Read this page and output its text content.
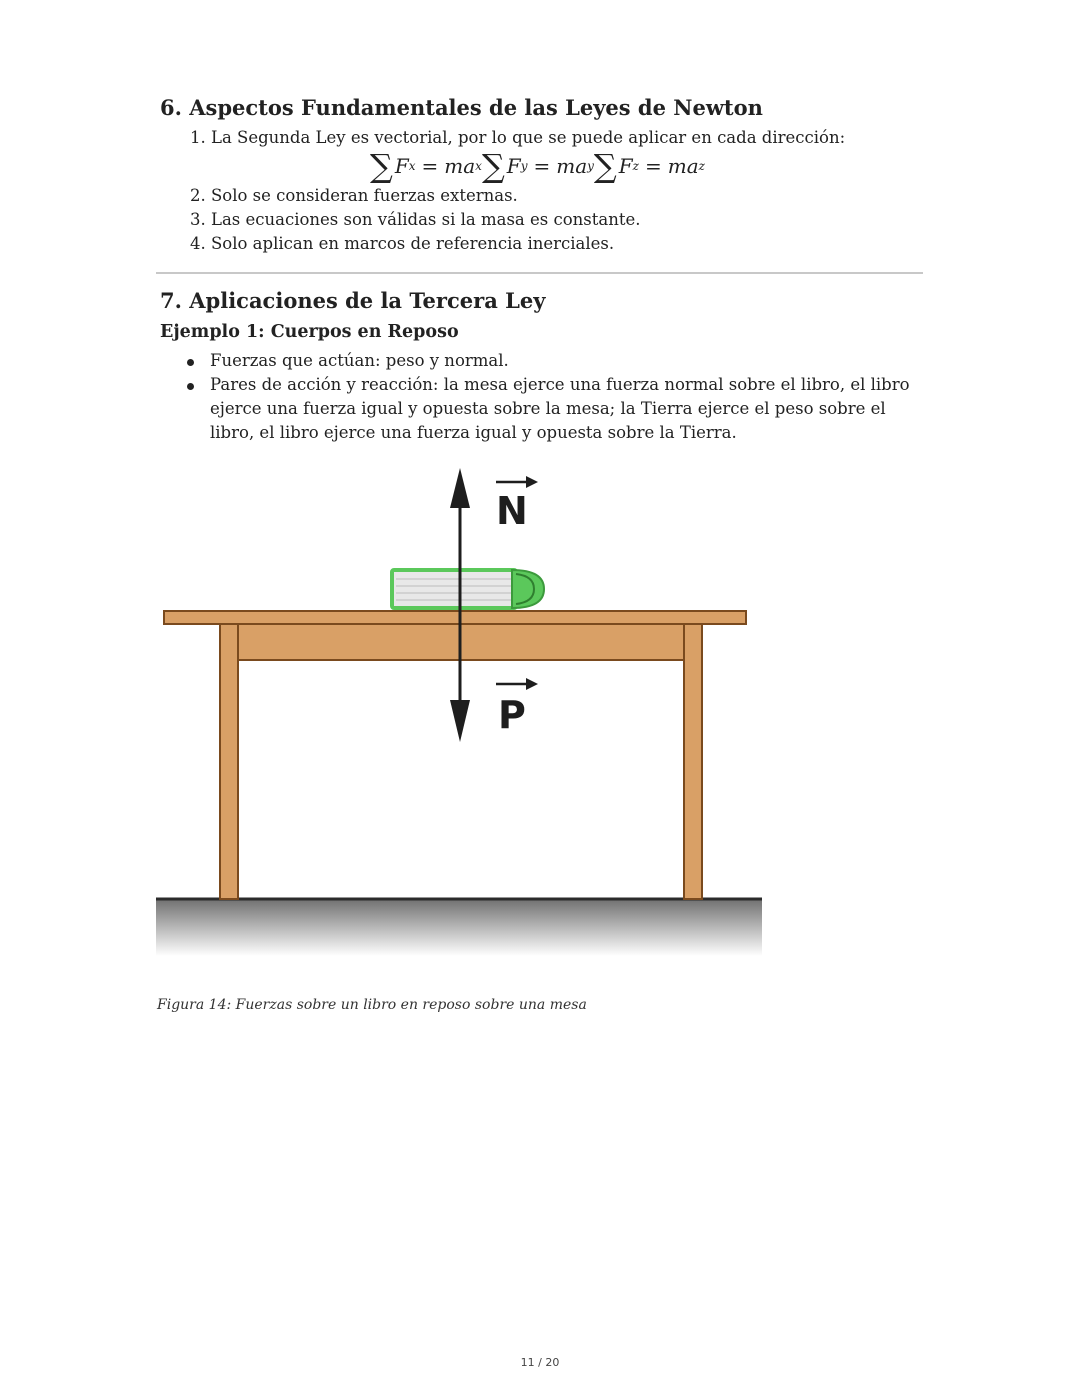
6. Aspectos Fundamentales de las Leyes de Newton
1. La Segunda Ley es vectorial, por lo que se puede aplicar en cada dirección:
∑ F x = ma x ∑ F y = ma y ∑ F z = ma z
2. Solo se consideran fuerzas externas.
3. Las ecuaciones son válidas si la masa es constante.
4. Solo aplican en marcos de referencia inerciales.
7. Aplicaciones de la Tercera Ley
Ejemplo 1: Cuerpos en Reposo
Fuerzas que actúan: peso y normal.
Pares de acción y reacción: la mesa ejerce una fuerza normal sobre el libro, el libro ejerce una fuerza igual y opuesta sobre la mesa; la Tierra ejerce el peso sobre el libro, el libro ejerce una fuerza igual y opuesta sobre la Tierra.
N
P
Figura 14: Fuerzas sobre un libro en reposo sobre una mesa
11 / 20
